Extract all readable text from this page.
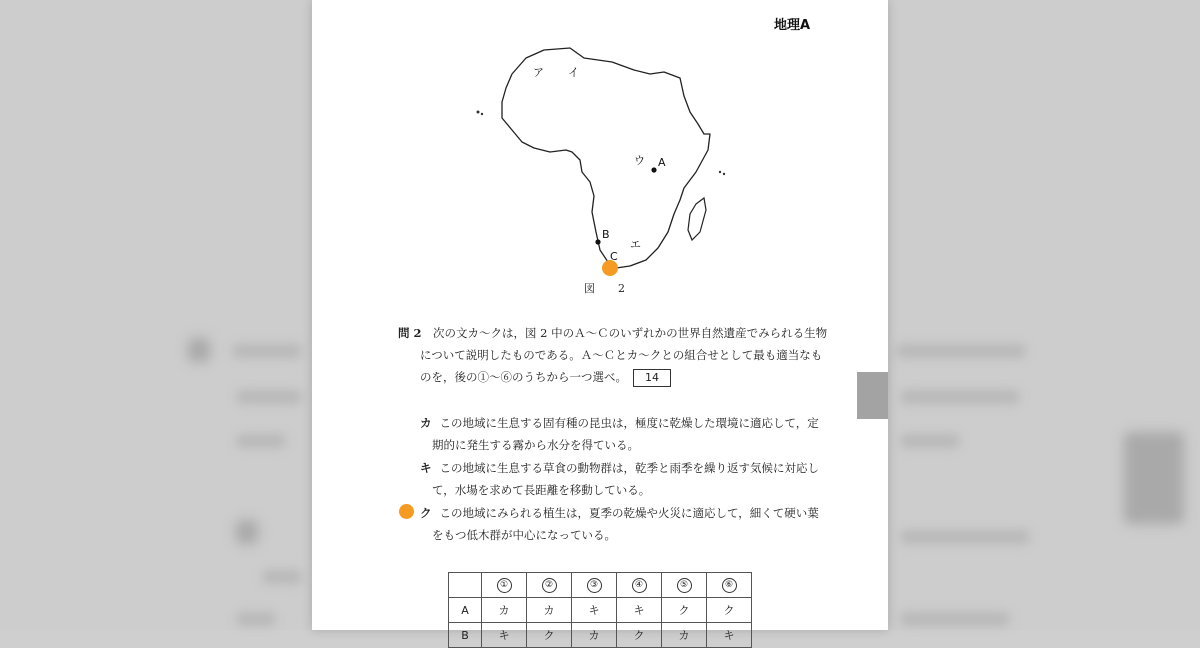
地理A
ア イ
ウ A
B
エ
C
図　2
問 2　 次の文カ～クは，図 2 中のＡ～Ｃのいずれかの世界自然遺産でみられる生物
について説明したものである。Ａ～Ｃとカ～クとの組合せとして最も適当なも
のを，後の①～⑥のうちから一つ選べ。 14
カ この地域に生息する固有種の昆虫は，極度に乾燥した環境に適応して，定
期的に発生する霧から水分を得ている。
キ この地域に生息する草食の動物群は，乾季と雨季を繰り返す気候に対応し
て，水場を求めて長距離を移動している。
ク この地域にみられる植生は，夏季の乾燥や火災に適応して，細くて硬い葉
をもつ低木群が中心になっている。
	①	②	③	④	⑤	⑥
A	カ	カ	キ	キ	ク	ク
B	キ	ク	カ	ク	カ	キ
